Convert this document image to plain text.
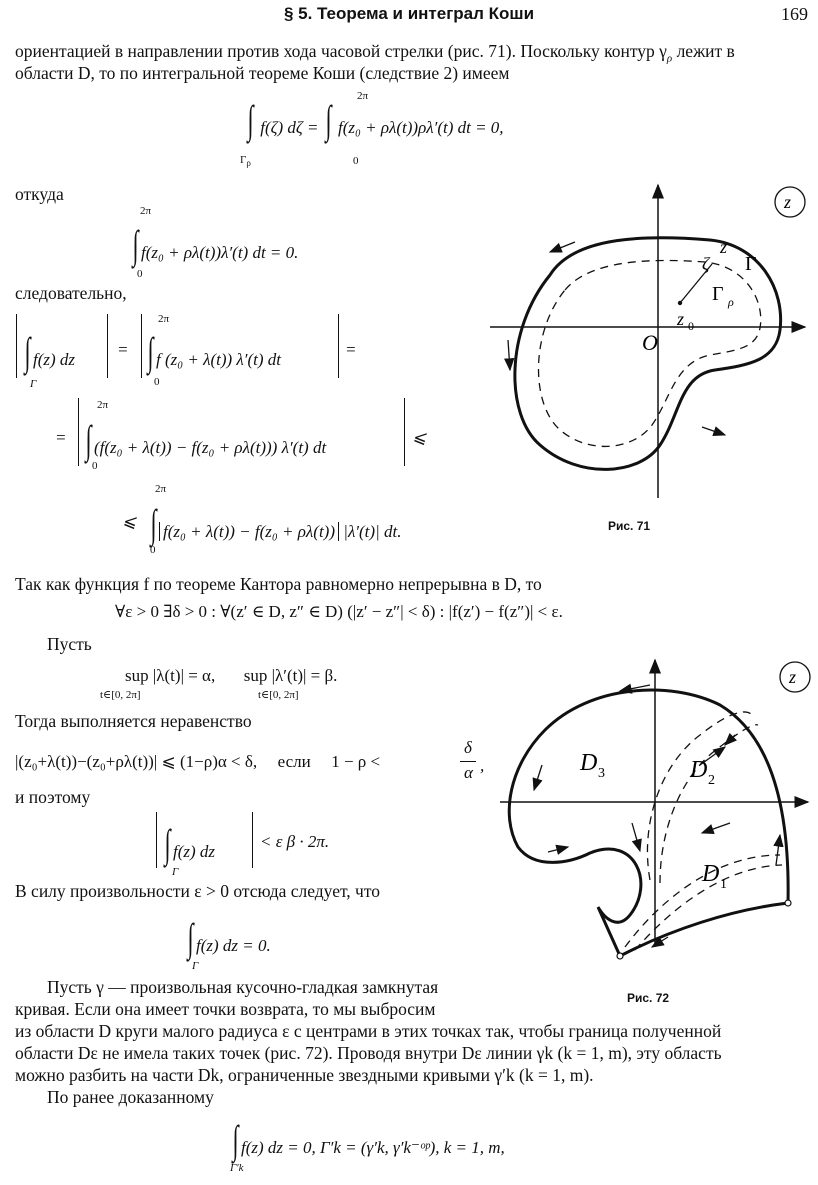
§ 5. Теорема и интеграл Коши	169
ориентацией в направлении против хода часовой стрелки (рис. 71). Поскольку контур $\gamma_\rho$ лежит в
области D, то по интегральной теореме Коши (следствие 2) имеем
∫ f(ζ) dζ = ∫ f(z₀ + ρλ(t))ρλ′(t) dt = 0,
$\Gamma_\rho$
2π
0
откуда
∫ f(z₀ + ρλ(t))λ′(t) dt = 0.
2π
0
следовательно,
∫ f(z) dz
= ∫ f (z₀ + λ(t)) λ′(t) dt
=
Γ
2π
0
= ∫ (f(z₀ + λ(t)) − f(z₀ + ρλ(t))) λ′(t) dt
⩽
2π
0
⩽ ∫ f(z₀ + λ(t)) − f(z₀ + ρλ(t)) |λ′(t)| dt.
2π
0
z
O
z
ζ Γ
Γ ρ
z 0
Рис. 71
Так как функция f по теореме Кантора равномерно непрерывна в D, то
∀ε > 0 ∃δ > 0 : ∀(z′ ∈ D, z″ ∈ D) (|z′ − z″| < δ) : |f(z′) − f(z″)| < ε.
Пусть
sup |λ(t)| = α, sup |λ′(t)| = β.
t∈[0, 2π]	t∈[0, 2π]
Тогда выполняется неравенство
|(z₀+λ(t))−(z₀+ρλ(t))| ⩽ (1−ρ)α < δ, если 1 − ρ <
δ
α ,
и поэтому
∫ f(z) dz
< ε β · 2π.
Γ
В силу произвольности ε > 0 отсюда следует, что
∫ f(z) dz = 0.
Γ
z
D 3	D 2
D 1
Рис. 72
Пусть γ — произвольная кусочно-гладкая замкнутая
кривая. Если она имеет точки возврата, то мы выбросим
из области D круги малого радиуса ε с центрами в этих точках так, чтобы граница полученной
области Dε не имела таких точек (рис. 72). Проводя внутри Dε линии γk (k = 1, m), эту область
можно разбить на части Dk, ограниченные звездными кривыми γ′k (k = 1, m).
По ранее доказанному
∫ f(z) dz = 0, Γ′k = (γ′k, γ′k⁻ᵒᵖ), k = 1, m,
Γ′k
